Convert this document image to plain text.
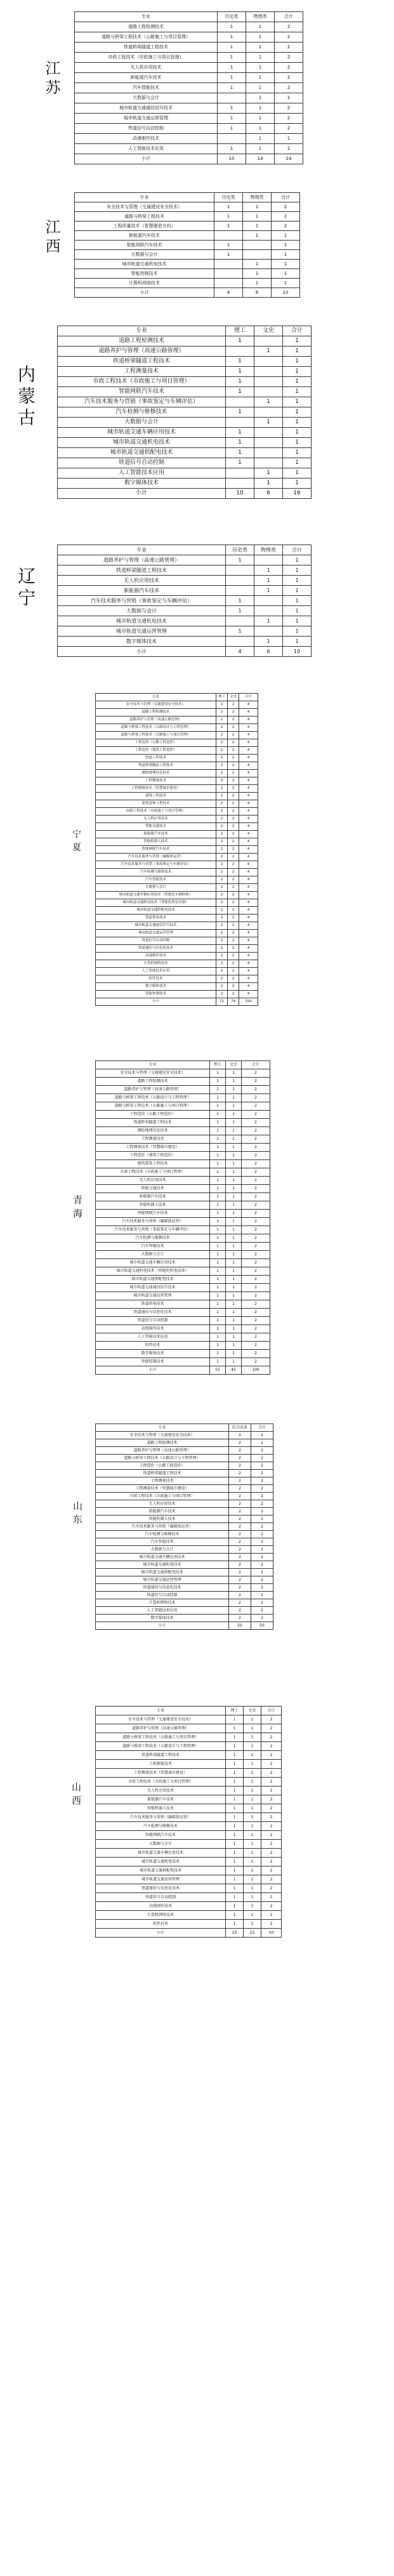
江苏
专业	历史类	物理类	合计
道路工程检测技术	1	1	2
道路与桥梁工程技术（公路施工与项目管理）	1	1	2
铁道桥梁隧道工程技术	1	1	2
市政工程技术（市政施工与项目管理）	1	1	2
无人机应用技术	1	1	2
新能源汽车技术	1	1	2
汽车智能技术	1	1	2
大数据与会计		1	1
城市轨道交通通信信号技术	1	1	2
城市轨道交通运营管理	1	1	2
铁道信号自动控制	1	1	2
动漫制作技术		1	1
人工智能技术应用	1	1	2
小计	10	14	24
江西
专业	历史类	物理类	合计
安全技术与管理（交通建设安全技术）	1	1	2
道路与桥梁工程技术	1	1	2
工程质量技术（智慧建造方向）	1	1	2
新能源汽车技术		1	1
智能网联汽车技术	1		1
大数据与会计	1		1
城市轨道交通机电技术		1	1
智能控制技术		1	1
计算机网络技术		1	1
小计	4	6	10
内蒙古
专业	理工	文史	合计
道路工程检测技术	1		1
道路养护与管理（高速公路管理）		1	1
铁道桥梁隧道工程技术	1		1
工程测量技术	1		1
市政工程技术（市政施工与项目管理）	1		1
智能网联汽车技术	1		1
汽车技术服务与营销（事故鉴定与车辆评估）		1	1
汽车检测与维修技术	1		1
大数据与会计		1	1
城市轨道交通车辆应用技术	1		1
城市轨道交通机电技术	1		1
城市轨道交通供配电技术	1		1
铁道信号自动控制	1		1
人工智能技术应用		1	1
数字媒体技术		1	1
小计	10	6	16
辽宁
专业	历史类	物理类	合计
道路养护与管理（高速公路管理）	1		1
铁道桥梁隧道工程技术		1	1
无人机应用技术		1	1
新能源汽车技术		1	1
汽车技术服务与营销（事故鉴定与车辆评估）	1		1
大数据与会计	1		1
城市轨道交通机电技术		1	1
城市轨道交通运营管理	1		1
数字媒体技术		1	1
小计	4	6	10
宁夏
专业	理工	文史	合计
安全技术与管理（交通建设安全技术）	2	2	4
道路工程检测技术	2	2	4
道路养护与管理（高速公路管理）	2	2	4
道路与桥梁工程技术（公路设计与工程管理）	2	2	4
道路与桥梁工程技术（公路施工与项目管理）	2	2	4
工程造价（公路工程造价）	2	2	4
工程造价（建筑工程造价）	2	2	4
铁道工程技术	2	2	4
铁道桥梁隧道工程技术	2	2	4
测绘地理信息技术	2	2	4
工程测量技术	2	2	4
工程测量技术（智慧城市建设）	2	2	4
建筑工程技术	2	2	4
建筑装饰工程技术	2	2	4
市政工程技术（市政施工与项目管理）	2	2	4
无人机应用技术	2	2	4
智能交通技术	2	2	4
新能源汽车技术	2	2	4
智能机器人技术	2	2	4
智能网联汽车技术	2	2	4
汽车技术服务与营销（融媒体运营）	2	2	4
汽车技术服务与营销（事故鉴定与车辆评估）	2	2	4
汽车检测与维修技术	2	2	4
汽车智能技术	2	2	4
大数据与会计	2	2	4
城市轨道交通车辆应用技术（智能化车辆检修）	2	2	4
城市轨道交通机电技术（智能化机电设备）	2	2	4
城市轨道交通供配电技术	2	2	4
铁道供电技术	2	2	4
城市轨道交通通信信号技术	2	2	4
城市轨道交通运营管理	2	2	4
铁道信号自动控制	2	2	4
铁道通信与信息化技术	2	2	4
动漫制作技术	2	2	4
计算机网络技术	2	2	4
人工智能技术应用	2	2	4
软件技术	2	2	4
数字媒体技术	2	2	4
智能控制技术	2	2	4
小计	71	79	150
青海
专业	理工	文史	合计
安全技术与管理（交通建设安全技术）	1	1	2
道路工程检测技术	1	1	2
道路养护与管理（高速公路管理）	1	1	2
道路与桥梁工程技术（公路设计与工程管理）	1	1	2
道路与桥梁工程技术（公路施工与项目管理）	1	1	2
工程造价（公路工程造价）	1	1	2
铁道桥梁隧道工程技术	1	1	2
测绘地理信息技术	1	1	2
工程测量技术	1	1	2
工程测量技术（智慧城市建设）	1	1	2
工程造价（建筑工程造价）	1	1	2
建筑装饰工程技术	1	1	2
市政工程技术（市政施工与项目管理）	1	1	2
无人机应用技术	1	1	2
智能交通技术	1	1	2
新能源汽车技术	1	1	2
智能机器人技术	1	1	2
智能网联汽车技术	1	1	2
汽车技术服务与营销（融媒体运营）	1	1	2
汽车技术服务与营销（事故鉴定与车辆评估）	1	1	2
汽车检测与维修技术	1	1	2
汽车智能技术	1	1	2
大数据与会计	1	1	2
城市轨道交通车辆应用技术	1	1	2
城市轨道交通机电技术（智能化机电设备）	1	1	2
城市轨道交通供配电技术	1	1	2
城市轨道交通通信信号技术	1	1	2
城市轨道交通运营管理	1	1	2
铁道供电技术	1	1	2
铁道通信与信息化技术	1	1	2
铁道信号自动控制	1	1	2
动漫制作技术	1	1	2
人工智能技术应用	1	1	2
软件技术	1	1	2
数字媒体技术	1	1	2
智能控制技术	1	1	2
小计	55	45	100
山东
专业	综合改革	合计
安全技术与管理（交通建设安全技术）	2	2
道路工程检测技术	2	2
道路养护与管理（高速公路管理）	2	2
道路与桥梁工程技术（公路设计与工程管理）	2	2
工程造价（公路工程造价）	2	2
铁道桥梁隧道工程技术	2	2
工程测量技术	2	2
工程测量技术（智慧城市建设）	2	2
市政工程技术（市政施工与项目管理）	2	2
无人机应用技术	2	2
新能源汽车技术	2	2
智能机器人技术	2	2
汽车技术服务与营销（融媒体运营）	2	2
汽车检测与维修技术	2	2
汽车智能技术	2	2
大数据与会计	2	2
城市轨道交通车辆应用技术	2	2
城市轨道交通机电技术	2	2
城市轨道交通供配电技术	2	2
城市轨道交通运营管理	2	2
铁道通信与信息化技术	2	2
铁道信号自动控制	2	2
计算机网络技术	2	2
人工智能技术应用	2	2
数字媒体技术	2	2
小计	50	50
山西
专业	理工	文史	合计
安全技术与管理（交通建设安全技术）	1	1	2
道路养护与管理（高速公路管理）	1	1	2
道路与桥梁工程技术（公路施工与项目管理）	1	1	2
道路与桥梁工程技术（公路设计与工程管理）	1	1	2
铁道桥梁隧道工程技术	1	1	2
工程测量技术	1	1	2
工程测量技术（智慧城市建设）	1	1	2
市政工程技术（市政施工与项目管理）	1	1	2
无人机应用技术	1	1	2
新能源汽车技术	1	1	2
智能机器人技术	1	1	2
汽车技术服务与营销（融媒体运营）	1	1	2
汽车检测与维修技术	1	1	2
智能网联汽车技术	1	1	2
大数据与会计	1	1	2
城市轨道交通车辆应用技术	1	1	2
城市轨道交通机电技术	1	1	2
城市轨道交通供配电技术	1	1	2
城市轨道交通运营管理	1	1	2
铁道通信与信息化技术	1	1	2
铁道信号自动控制	1	1	2
动漫制作技术	1	1	2
计算机网络技术	1	1	2
软件技术	1	1	2
小计	25	25	50
